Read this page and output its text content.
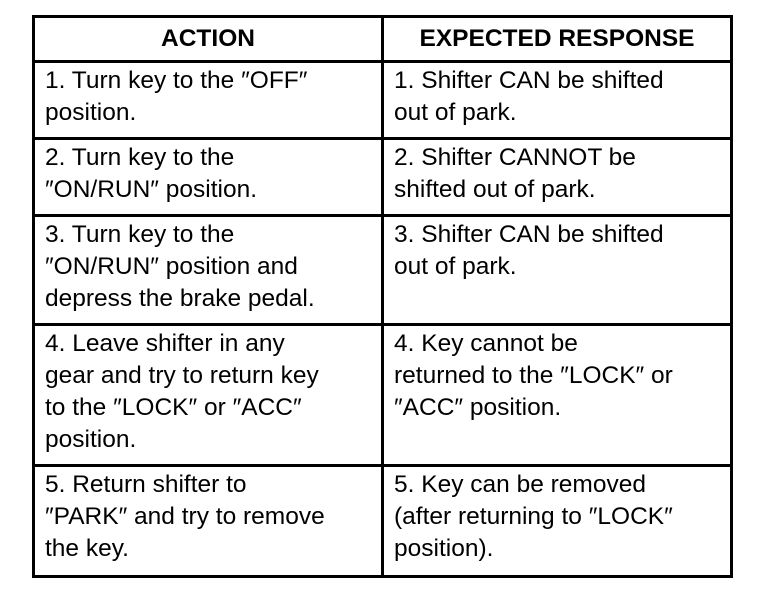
ACTION	EXPECTED RESPONSE
1. Turn key to the ″OFF″
position.	1. Shifter CAN be shifted
out of park.
2. Turn key to the
″ON/RUN″ position.	2. Shifter CANNOT be
shifted out of park.
3. Turn key to the
″ON/RUN″ position and
depress the brake pedal.	3. Shifter CAN be shifted
out of park.
4. Leave shifter in any
gear and try to return key
to the ″LOCK″ or ″ACC″
position.	4. Key cannot be
returned to the ″LOCK″ or
″ACC″ position.
5. Return shifter to
″PARK″ and try to remove
the key.	5. Key can be removed
(after returning to ″LOCK″
position).
